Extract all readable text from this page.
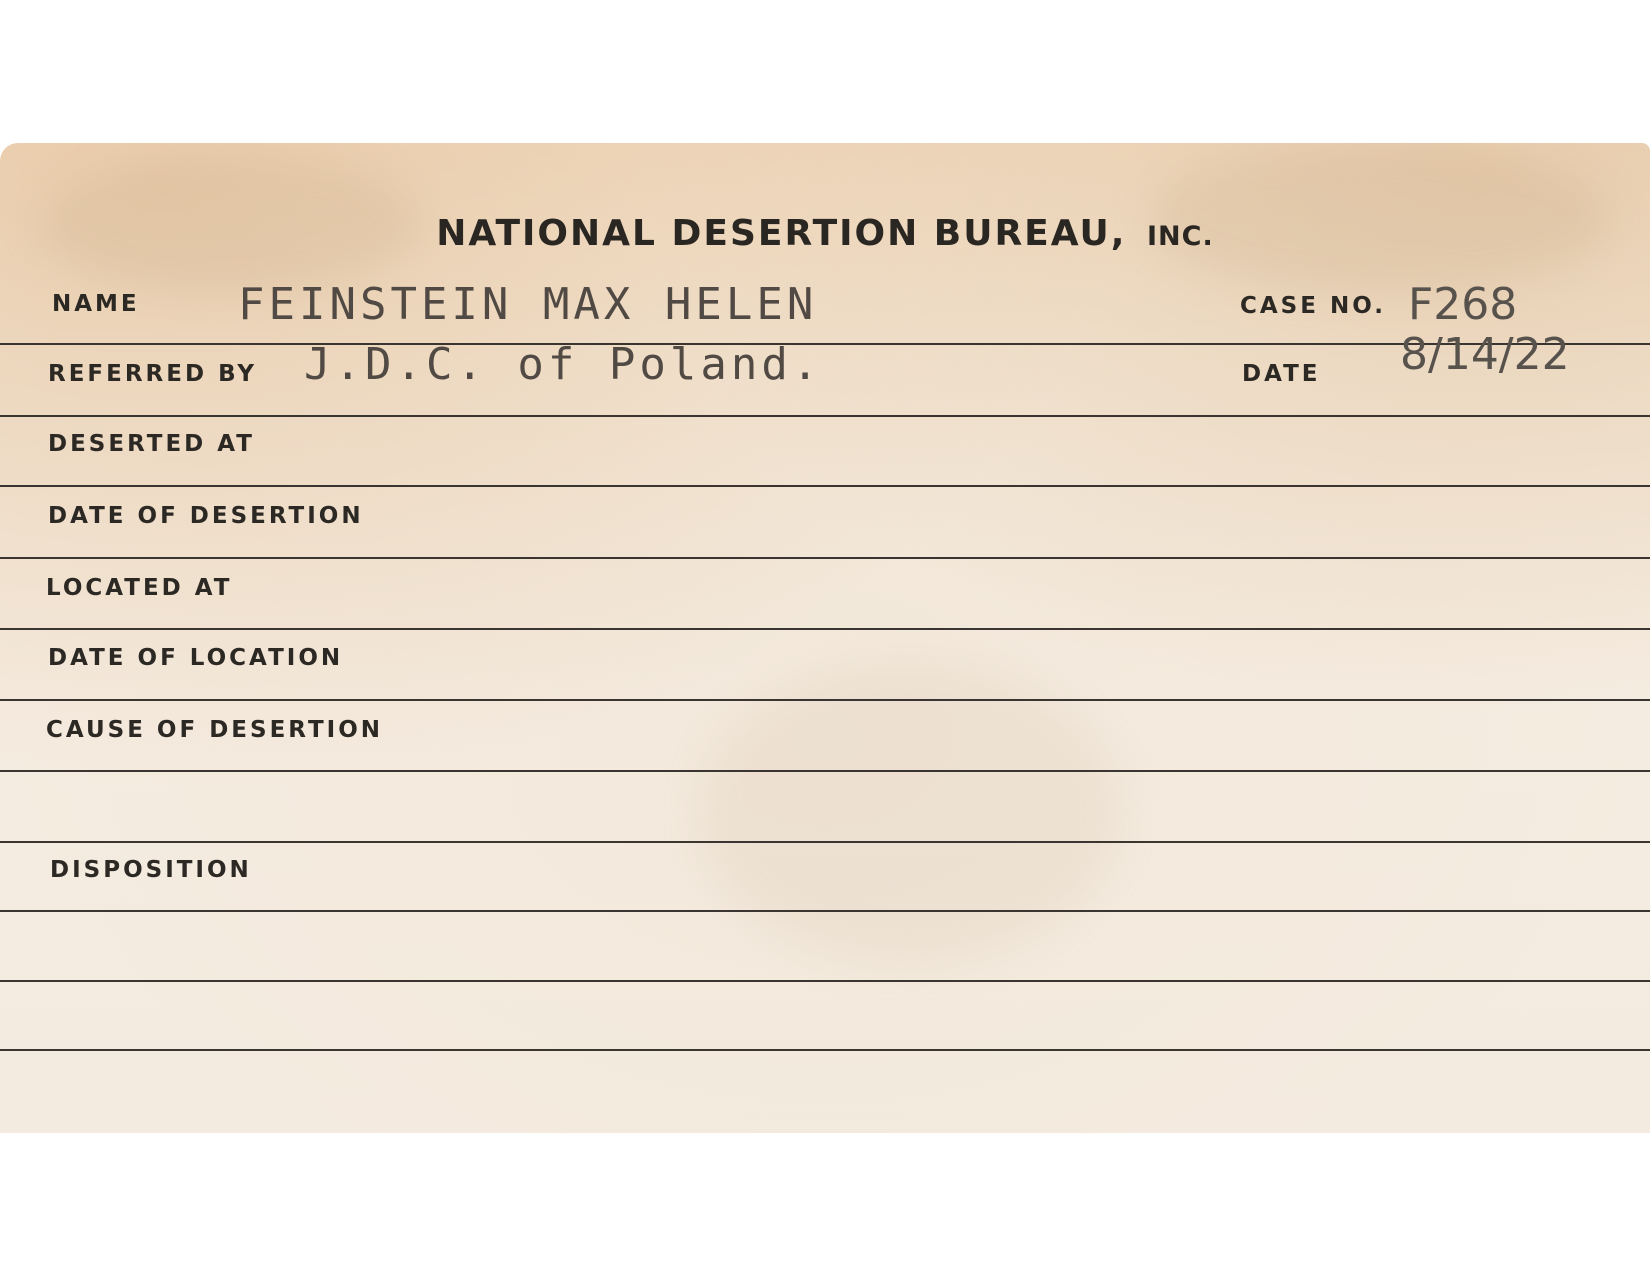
NATIONAL DESERTION BUREAU, INC.
NAME FEINSTEIN MAX HELEN	CASE NO. F268
REFERRED BY J.D.C. of Poland.	DATE 8/14/22
DESERTED AT
DATE OF DESERTION
LOCATED AT
DATE OF LOCATION
CAUSE OF DESERTION
DISPOSITION
